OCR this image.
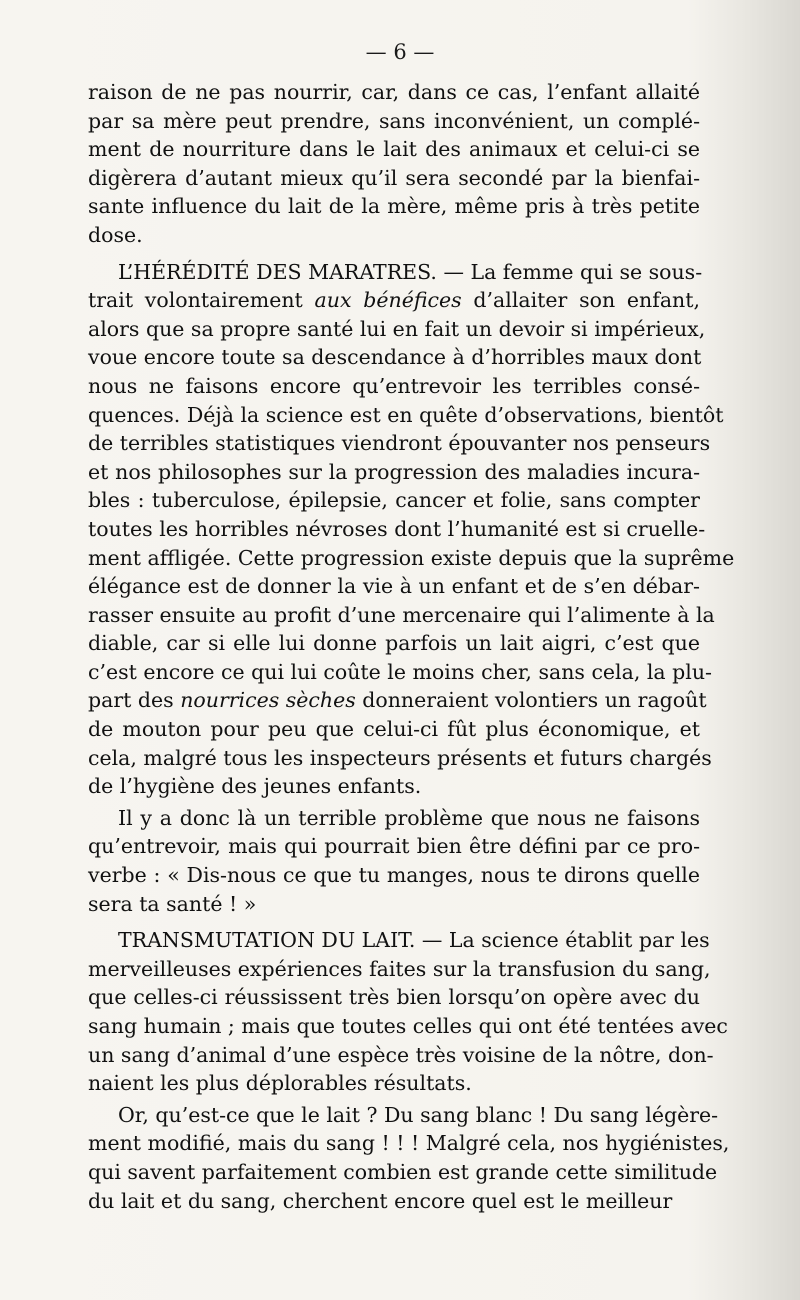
— 6 —
raison de ne pas nourrir, car, dans ce cas, l’enfant allaité
par sa mère peut prendre, sans inconvénient, un complé-
ment de nourriture dans le lait des animaux et celui-ci se
digèrera d’autant mieux qu’il sera secondé par la bienfai-
sante influence du lait de la mère, même pris à très petite
dose.
L’HÉRÉDITÉ DES MARATRES. — La femme qui se sous-
trait volontairement aux bénéfices d’allaiter son enfant,
alors que sa propre santé lui en fait un devoir si impérieux,
voue encore toute sa descendance à d’horribles maux dont
nous ne faisons encore qu’entrevoir les terribles consé-
quences. Déjà la science est en quête d’observations, bientôt
de terribles statistiques viendront épouvanter nos penseurs
et nos philosophes sur la progression des maladies incura-
bles : tuberculose, épilepsie, cancer et folie, sans compter
toutes les horribles névroses dont l’humanité est si cruelle-
ment affligée. Cette progression existe depuis que la suprême
élégance est de donner la vie à un enfant et de s’en débar-
rasser ensuite au profit d’une mercenaire qui l’alimente à la
diable, car si elle lui donne parfois un lait aigri, c’est que
c’est encore ce qui lui coûte le moins cher, sans cela, la plu-
part des nourrices sèches donneraient volontiers un ragoût
de mouton pour peu que celui-ci fût plus économique, et
cela, malgré tous les inspecteurs présents et futurs chargés
de l’hygiène des jeunes enfants.
Il y a donc là un terrible problème que nous ne faisons
qu’entrevoir, mais qui pourrait bien être défini par ce pro-
verbe : « Dis-nous ce que tu manges, nous te dirons quelle
sera ta santé ! »
TRANSMUTATION DU LAIT. — La science établit par les
merveilleuses expériences faites sur la transfusion du sang,
que celles-ci réussissent très bien lorsqu’on opère avec du
sang humain ; mais que toutes celles qui ont été tentées avec
un sang d’animal d’une espèce très voisine de la nôtre, don-
naient les plus déplorables résultats.
Or, qu’est-ce que le lait ? Du sang blanc ! Du sang légère-
ment modifié, mais du sang ! ! ! Malgré cela, nos hygiénistes,
qui savent parfaitement combien est grande cette similitude
du lait et du sang, cherchent encore quel est le meilleur
